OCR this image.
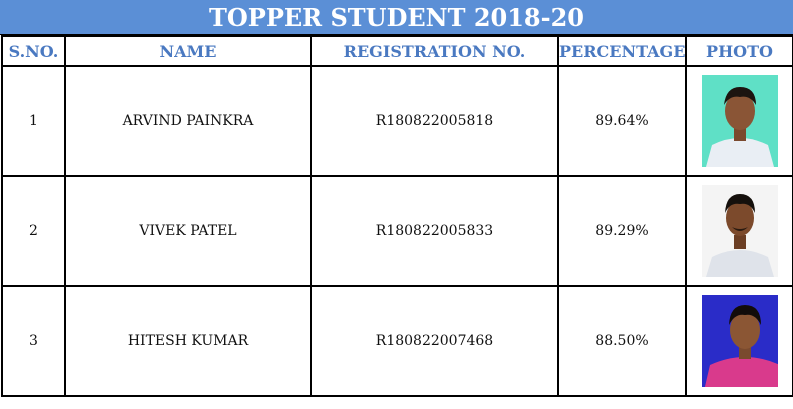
TOPPER STUDENT 2018-20
S.NO.	NAME	REGISTRATION NO.	PERCENTAGE	PHOTO
1	ARVIND PAINKRA	R180822005818	89.64%	

2	VIVEK PATEL	R180822005833	89.29%	

3	HITESH KUMAR	R180822007468	88.50%	
